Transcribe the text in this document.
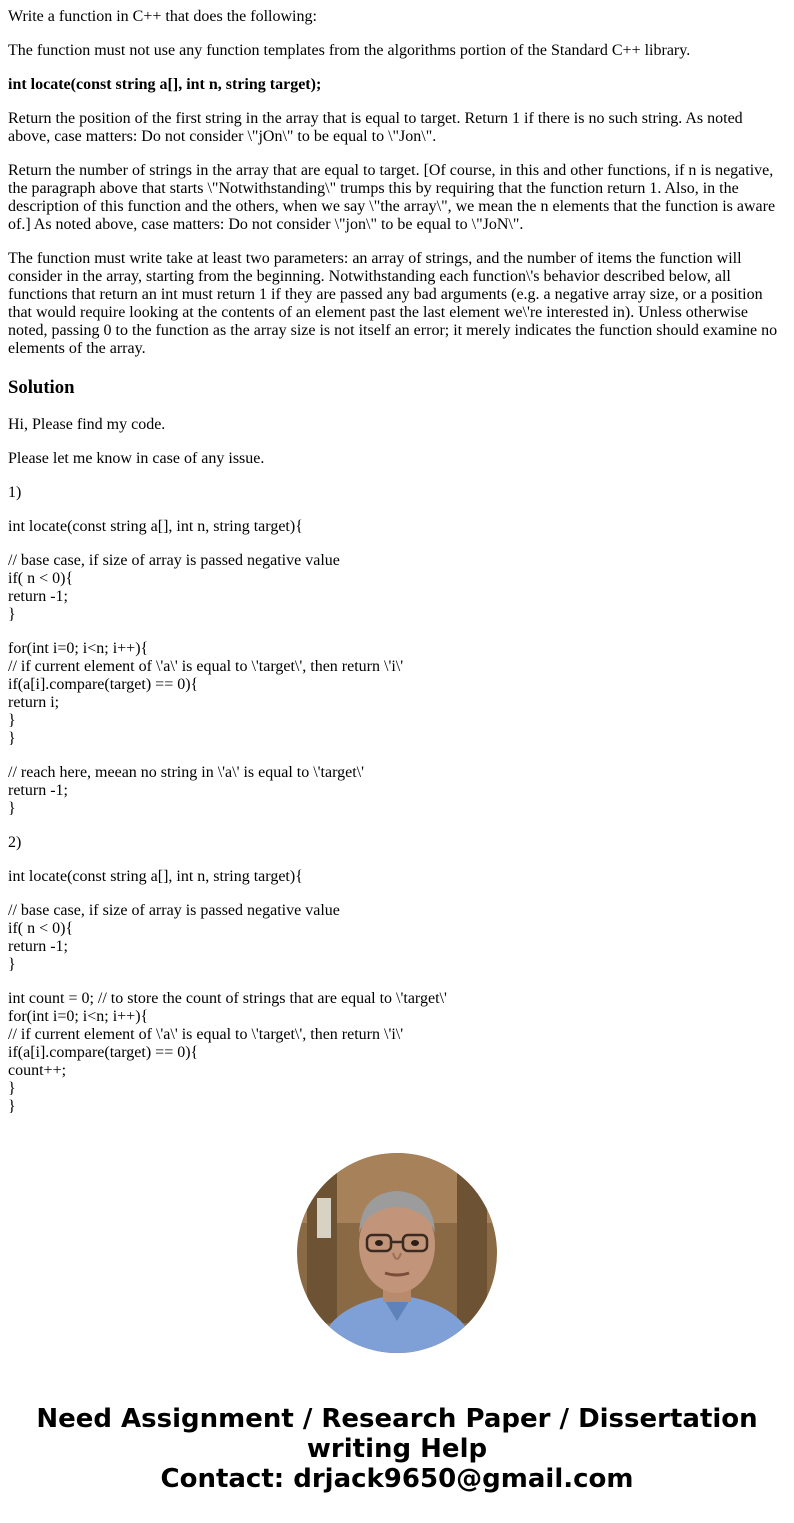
Write a function in C++ that does the following:

The function must not use any function templates from the algorithms portion of the Standard C++ library.

int locate(const string a[], int n, string target);

Return the position of the first string in the array that is equal to target. Return 1 if there is no such string. As noted above, case matters: Do not consider \"jOn\" to be equal to \"Jon\".

Return the number of strings in the array that are equal to target. [Of course, in this and other functions, if n is negative, the paragraph above that starts \"Notwithstanding\" trumps this by requiring that the function return 1. Also, in the description of this function and the others, when we say \"the array\", we mean the n elements that the function is aware of.] As noted above, case matters: Do not consider \"jon\" to be equal to \"JoN\".

The function must write take at least two parameters: an array of strings, and the number of items the function will consider in the array, starting from the beginning. Notwithstanding each function\'s behavior described below, all functions that return an int must return 1 if they are passed any bad arguments (e.g. a negative array size, or a position that would require looking at the contents of an element past the last element we\'re interested in). Unless otherwise noted, passing 0 to the function as the array size is not itself an error; it merely indicates the function should examine no elements of the array.

Solution

Hi, Please find my code.

Please let me know in case of any issue.

1)

int locate(const string a[], int n, string target){

// base case, if size of array is passed negative value
if( n < 0){
return -1;
}
for(int i=0; i<n; i++){
// if current element of \'a\' is equal to \'target\', then return \'i\'
if(a[i].compare(target) == 0){
return i;
}
}
// reach here, meean no string in \'a\' is equal to \'target\'
return -1;
}

2)

int locate(const string a[], int n, string target){

// base case, if size of array is passed negative value
if( n < 0){
return -1;
}
int count = 0; // to store the count of strings that are equal to \'target\'
for(int i=0; i<n; i++){
// if current element of \'a\' is equal to \'target\', then return \'i\'
if(a[i].compare(target) == 0){
count++;
}
}
Need Assignment / Research Paper / Dissertation
writing Help
Contact: drjack9650@gmail.com
